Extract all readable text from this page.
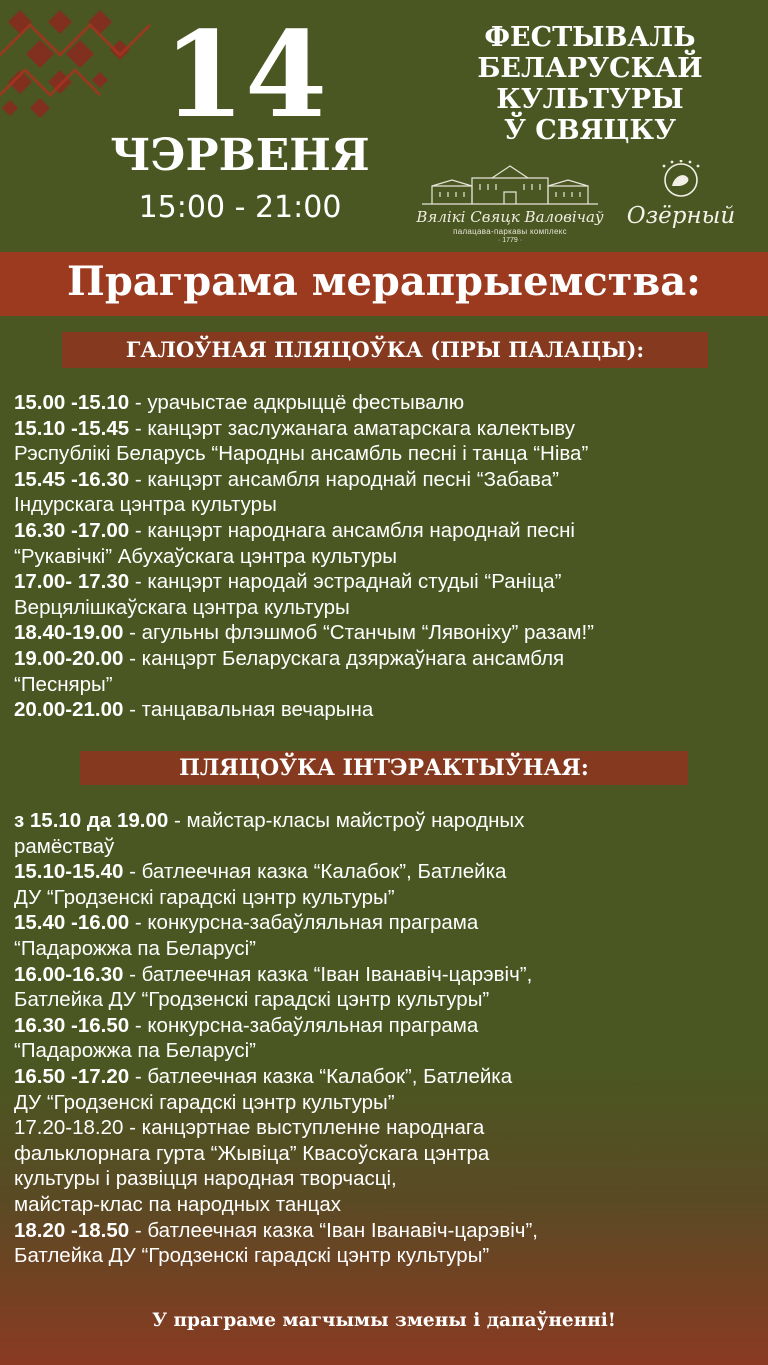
14
ЧЭРВЕНЯ
15:00 - 21:00
ФЕСТЫВАЛЬ
БЕЛАРУСКАЙ
КУЛЬТУРЫ
Ў СВЯЦКУ
Вялікі Свяцк Валовічаў
палацава-паркавы комплекс
· 1779 ·
Озёрный
Праграма мерапрыемства:
ГАЛОЎНАЯ ПЛЯЦОЎКА (ПРЫ ПАЛАЦЫ):

15.00 -15.10 - урачыстае адкрыццё фестывалю

15.10 -15.45 - канцэрт заслужанага аматарскага калектыву

Рэспублікі Беларусь “Народны ансамбль песні і танца “Ніва”

15.45 -16.30 - канцэрт ансамбля народнай песні “Забава”

Індурскага цэнтра культуры

16.30 -17.00 - канцэрт народнага ансамбля народнай песні

“Рукавічкі” Абухаўскага цэнтра культуры

17.00- 17.30 - канцэрт народай эстраднай студыі “Раніца”

Верцялішкаўскага цэнтра культуры

18.40-19.00 - агульны флэшмоб “Станчым “Лявоніху” разам!”

19.00-20.00 - канцэрт Беларускага дзяржаўнага ансамбля

“Песняры”

20.00-21.00 - танцавальная вечарына

ПЛЯЦОЎКА ІНТЭРАКТЫЎНАЯ:

з 15.10 да 19.00 - майстар-класы майстроў народных

рамёстваў

15.10-15.40 - батлеечная казка “Калабок”, Батлейка

ДУ “Гродзенскі гарадскі цэнтр культуры”

15.40 -16.00 - конкурсна-забаўляльная праграма

“Падарожжа па Беларусі”

16.00-16.30 - батлеечная казка “Іван Іванавіч-царэвіч”,

Батлейка ДУ “Гродзенскі гарадскі цэнтр культуры”

16.30 -16.50 - конкурсна-забаўляльная праграма

“Падарожжа па Беларусі”

16.50 -17.20 - батлеечная казка “Калабок”, Батлейка

ДУ “Гродзенскі гарадскі цэнтр культуры”

17.20-18.20 - канцэртнае выступленне народнага

фальклорнага гурта “Жывіца” Квасоўскага цэнтра

культуры і развіцця народная творчасці,

майстар-клас па народных танцах

18.20 -18.50 - батлеечная казка “Іван Іванавіч-царэвіч”,

Батлейка ДУ “Гродзенскі гарадскі цэнтр культуры”

У праграме магчымы змены і дапаўненні!
